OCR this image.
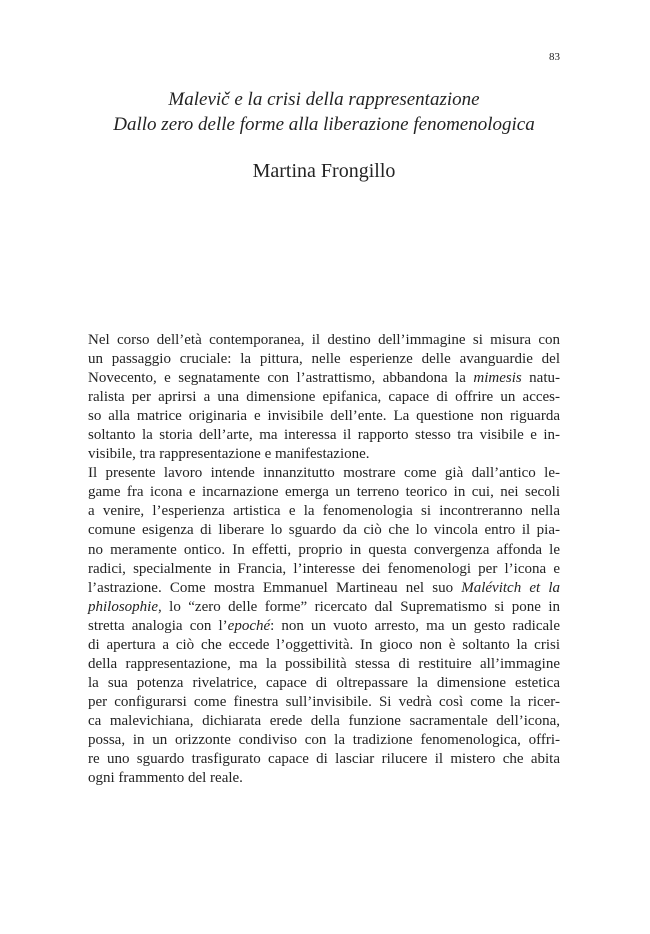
83
Malevič e la crisi della rappresentazione
Dallo zero delle forme alla liberazione fenomenologica
Martina Frongillo
Nel corso dell’età contemporanea, il destino dell’immagine si misura con
un passaggio cruciale: la pittura, nelle esperienze delle avanguardie del
Novecento, e segnatamente con l’astrattismo, abbandona la mimesis natu-
ralista per aprirsi a una dimensione epifanica, capace di offrire un acces-
so alla matrice originaria e invisibile dell’ente. La questione non riguarda
soltanto la storia dell’arte, ma interessa il rapporto stesso tra visibile e in-
visibile, tra rappresentazione e manifestazione.
Il presente lavoro intende innanzitutto mostrare come già dall’antico le-
game fra icona e incarnazione emerga un terreno teorico in cui, nei secoli
a venire, l’esperienza artistica e la fenomenologia si incontreranno nella
comune esigenza di liberare lo sguardo da ciò che lo vincola entro il pia-
no meramente ontico. In effetti, proprio in questa convergenza affonda le
radici, specialmente in Francia, l’interesse dei fenomenologi per l’icona e
l’astrazione. Come mostra Emmanuel Martineau nel suo Malévitch et la
philosophie, lo “zero delle forme” ricercato dal Suprematismo si pone in
stretta analogia con l’epoché: non un vuoto arresto, ma un gesto radicale
di apertura a ciò che eccede l’oggettività. In gioco non è soltanto la crisi
della rappresentazione, ma la possibilità stessa di restituire all’immagine
la sua potenza rivelatrice, capace di oltrepassare la dimensione estetica
per configurarsi come finestra sull’invisibile. Si vedrà così come la ricer-
ca malevichiana, dichiarata erede della funzione sacramentale dell’icona,
possa, in un orizzonte condiviso con la tradizione fenomenologica, offri-
re uno sguardo trasfigurato capace di lasciar rilucere il mistero che abita
ogni frammento del reale.
